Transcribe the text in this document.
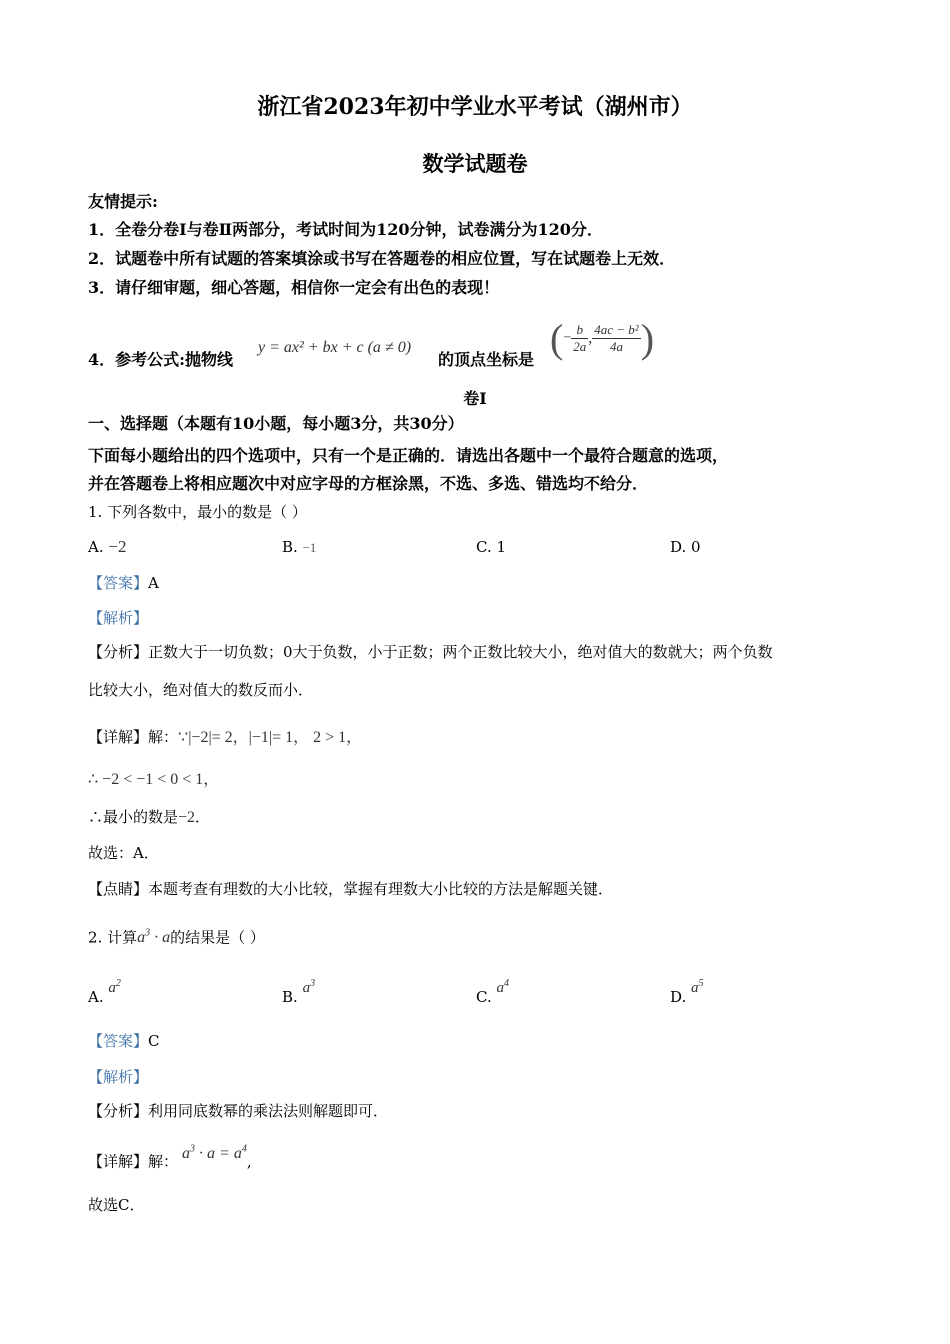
浙江省2023年初中学业水平考试（湖州市）
数学试题卷
友情提示:
1．全卷分卷Ⅰ与卷Ⅱ两部分，考试时间为120分钟，试卷满分为120分．
2．试题卷中所有试题的答案填涂或书写在答题卷的相应位置，写在试题卷上无效．
3．请仔细审题，细心答题，相信你一定会有出色的表现！
4．参考公式:抛物线
y = ax² + bx + c (a ≠ 0)
的顶点坐标是 (− $\frac{b}{2a}$ , $\frac{\text{4ac − b²}}{4a}$ )
卷Ⅰ
一、选择题（本题有10小题，每小题3分，共30分）
下面每小题给出的四个选项中，只有一个是正确的．请选出各题中一个最符合题意的选项，
并在答题卷上将相应题次中对应字母的方框涂黑，不选、多选、错选均不给分．
1. 下列各数中，最小的数是（ ）
A. −2	B. −1	C. 1	D. 0
【答案】A
【解析】
【分析】正数大于一切负数；0大于负数，小于正数；两个正数比较大小，绝对值大的数就大；两个负数
比较大小，绝对值大的数反而小．
【详解】解：∵|−2|= 2，|−1|= 1， 2 > 1，
∴ −2 < −1 < 0 < 1，
∴最小的数是−2．
故选：A．
【点睛】本题考查有理数的大小比较，掌握有理数大小比较的方法是解题关键．
2. 计算$a^3 \cdot a$的结果是（ ）
A. $a^2$
B. $a^3$
C. $a^4$
D. $a^5$
【答案】C
【解析】
【分析】利用同底数幂的乘法法则解题即可．
【详解】解： $a^3 \cdot a = a^4$,
故选C．
